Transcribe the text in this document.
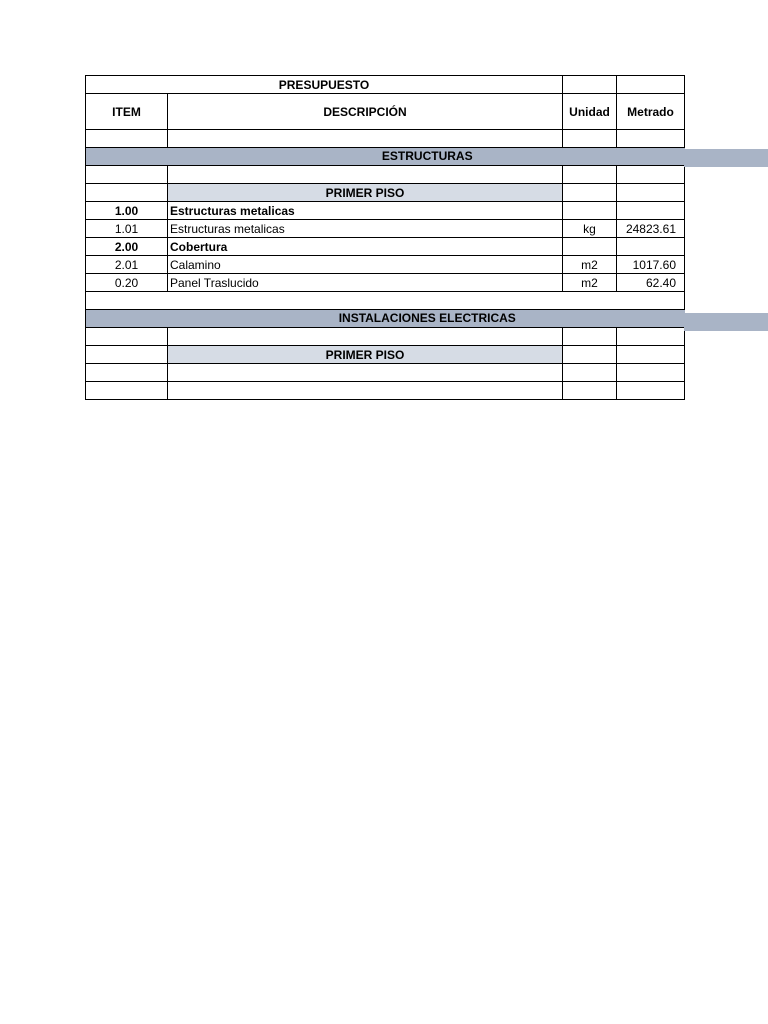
PRESUPUESTO			
ITEM	DESCRIPCIÓN	Unidad	Metrado

ESTRUCTURAS			

	PRIMER PISO		
1.00	Estructuras metalicas		
1.01	Estructuras metalicas	kg	24823.61
2.00	Cobertura		
2.01	Calamino	m2	1017.60
0.20	Panel Traslucido	m2	62.40

INSTALACIONES ELECTRICAS			

	PRIMER PISO		
